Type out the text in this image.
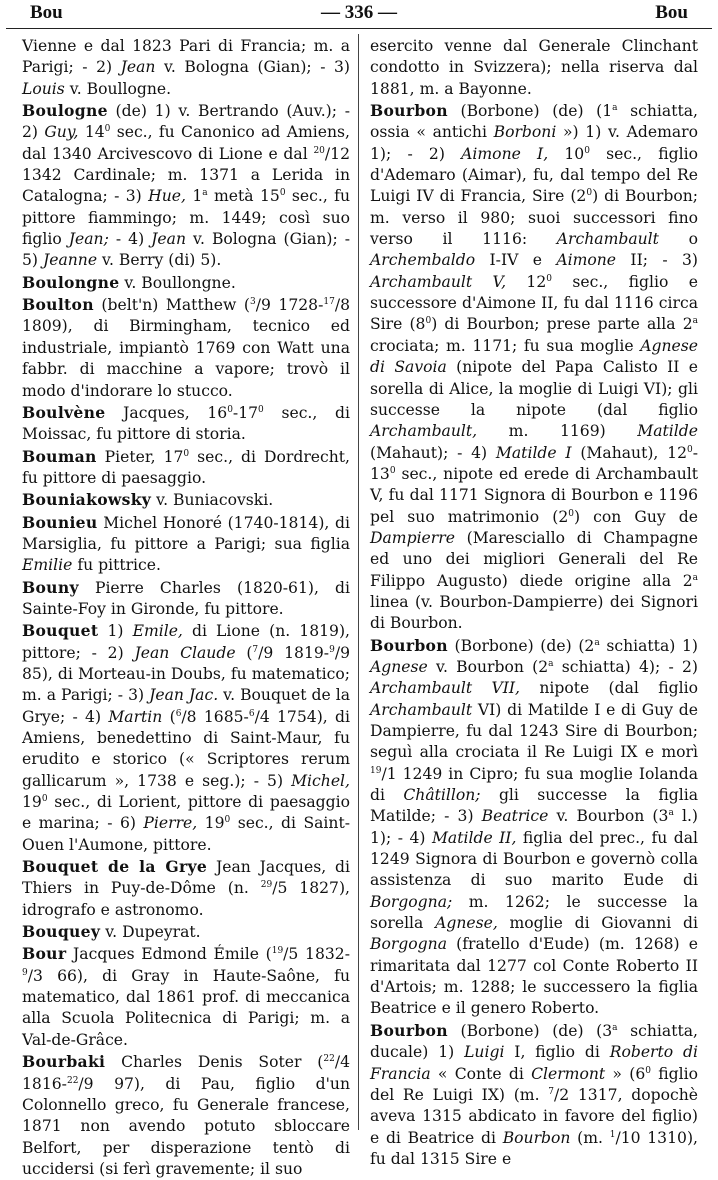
Bou	— 336 —	Bou

Vienne e dal 1823 Pari di Francia; m. a Parigi; - 2) Jean v. Bologna (Gian); - 3) Louis v. Boullogne.

Boulogne (de) 1) v. Bertrando (Auv.); - 2) Guy, $14^0$ sec., fu Canonico ad Amiens, dal 1340 Arcivescovo di Lione e dal $^{20}$/12 1342 Cardinale; m. 1371 a Lerida in Catalogna; - 3) Hue, 1$^a$ metà $15^0$ sec., fu pittore fiammingo; m. 1449; così suo figlio Jean; - 4) Jean v. Bologna (Gian); - 5) Jeanne v. Berry (di) 5).

Boulongne v. Boullongne.

Boulton (belt'n) Matthew ($^3$/9 1728-$^{17}$/8 1809), di Birmingham, tecnico ed industriale, impiantò 1769 con Watt una fabbr. di macchine a vapore; trovò il modo d'indorare lo stucco.

Boulvène Jacques, $16^0-17^0$ sec., di Moissac, fu pittore di storia.

Bouman Pieter, $17^0$ sec., di Dordrecht, fu pittore di paesaggio.

Bouniakowsky v. Buniacovski.

Bounieu Michel Honoré (1740-1814), di Marsiglia, fu pittore a Parigi; sua figlia Emilie fu pittrice.

Bouny Pierre Charles (1820-61), di Sainte-Foy in Gironde, fu pittore.

Bouquet 1) Emile, di Lione (n. 1819), pittore; - 2) Jean Claude ($^7$/9 1819-$^9$/9 85), di Morteau-in Doubs, fu matematico; m. a Parigi; - 3) Jean Jac. v. Bouquet de la Grye; - 4) Martin ($^6$/8 1685-$^6$/4 1754), di Amiens, benedettino di Saint-Maur, fu erudito e storico (« Scriptores rerum gallicarum », 1738 e seg.); - 5) Michel, $19^0$ sec., di Lorient, pittore di paesaggio e marina; - 6) Pierre, $19^0$ sec., di Saint-Ouen l'Aumone, pittore.

Bouquet de la Grye Jean Jacques, di Thiers in Puy-de-Dôme (n. $^{29}$/5 1827), idrografo e astronomo.

Bouquey v. Dupeyrat.

Bour Jacques Edmond Émile ($^{19}$/5 1832-$^9$/3 66), di Gray in Haute-Saône, fu matematico, dal 1861 prof. di meccanica alla Scuola Politecnica di Parigi; m. a Val-de-Grâce.

Bourbaki Charles Denis Soter ($^{22}$/4 1816-$^{22}$/9 97), di Pau, figlio d'un Colonnello greco, fu Generale francese, 1871 non avendo potuto sbloccare Belfort, per disperazione tentò di uccidersi (si ferì gravemente; il suo

esercito venne dal Generale Clinchant condotto in Svizzera); nella riserva dal 1881, m. a Bayonne.

Bourbon (Borbone) (de) (1$^a$ schiatta, ossia « antichi Borboni ») 1) v. Ademaro 1); - 2) Aimone I, $10^0$ sec., figlio d'Ademaro (Aimar), fu, dal tempo del Re Luigi IV di Francia, Sire $(2^0)$ di Bourbon; m. verso il 980; suoi successori fino verso il 1116: Archambault o Archembaldo I-IV e Aimone II; - 3) Archambault V, $12^0$ sec., figlio e successore d'Aimone II, fu dal 1116 circa Sire $(8^0)$ di Bourbon; prese parte alla 2$^a$ crociata; m. 1171; fu sua moglie Agnese di Savoia (nipote del Papa Calisto II e sorella di Alice, la moglie di Luigi VI); gli successe la nipote (dal figlio Archambault, m. 1169) Matilde (Mahaut); - 4) Matilde I (Mahaut), $12^0-13^0$ sec., nipote ed erede di Archambault V, fu dal 1171 Signora di Bourbon e 1196 pel suo matrimonio $(2^0)$ con Guy de Dampierre (Maresciallo di Champagne ed uno dei migliori Generali del Re Filippo Augusto) diede origine alla 2$^a$ linea (v. Bourbon-Dampierre) dei Signori di Bourbon.

Bourbon (Borbone) (de) (2$^a$ schiatta) 1) Agnese v. Bourbon (2$^a$ schiatta) 4); - 2) Archambault VII, nipote (dal figlio Archambault VI) di Matilde I e di Guy de Dampierre, fu dal 1243 Sire di Bourbon; seguì alla crociata il Re Luigi IX e morì $^{19}$/1 1249 in Cipro; fu sua moglie Iolanda di Châtillon; gli successe la figlia Matilde; - 3) Beatrice v. Bourbon (3$^a$ l.) 1); - 4) Matilde II, figlia del prec., fu dal 1249 Signora di Bourbon e governò colla assistenza di suo marito Eude di Borgogna; m. 1262; le successe la sorella Agnese, moglie di Giovanni di Borgogna (fratello d'Eude) (m. 1268) e rimaritata dal 1277 col Conte Roberto II d'Artois; m. 1288; le successero la figlia Beatrice e il genero Roberto.

Bourbon (Borbone) (de) (3$^a$ schiatta, ducale) 1) Luigi I, figlio di Roberto di Francia « Conte di Clermont » ($6^0$ figlio del Re Luigi IX) (m. $^7$/2 1317, dopochè aveva 1315 abdicato in favore del figlio) e di Beatrice di Bourbon (m. $^1$/10 1310), fu dal 1315 Sire e
